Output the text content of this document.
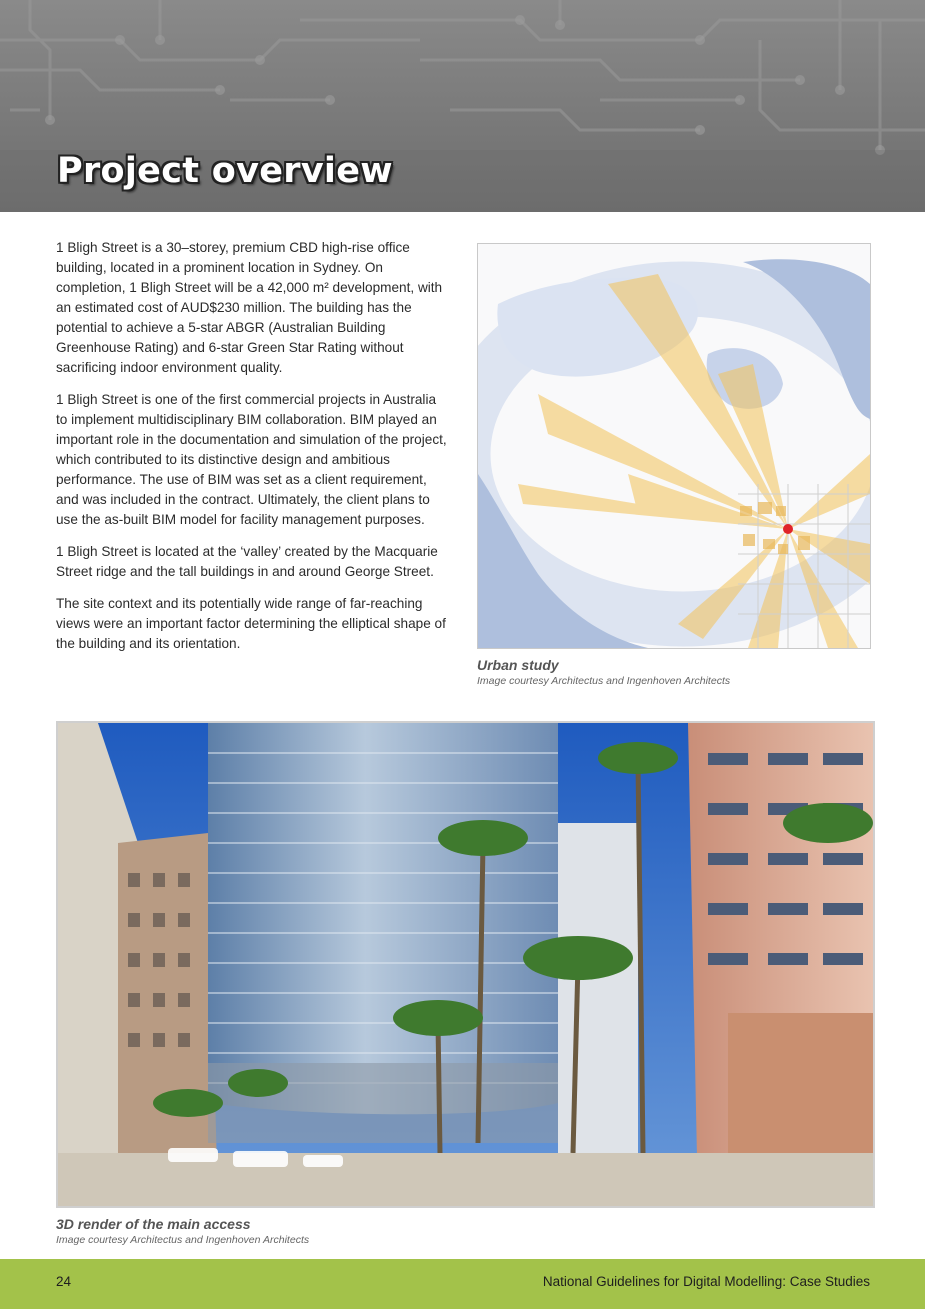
Project overview

1 Bligh Street is a 30–storey, premium CBD high-rise office building, located in a prominent location in Sydney. On completion, 1 Bligh Street will be a 42,000 m² development, with an estimated cost of AUD$230 million. The building has the potential to achieve a 5-star ABGR (Australian Building Greenhouse Rating) and 6-star Green Star Rating without sacrificing indoor environment quality.

1 Bligh Street is one of the first commercial projects in Australia to implement multidisciplinary BIM collaboration. BIM played an important role in the documentation and simulation of the project, which contributed to its distinctive design and ambitious performance. The use of BIM was set as a client requirement, and was included in the contract. Ultimately, the client plans to use the as-built BIM model for facility management purposes.

1 Bligh Street is located at the ‘valley’ created by the Macquarie Street ridge and the tall buildings in and around George Street.

The site context and its potentially wide range of far-reaching views were an important factor determining the elliptical shape of the building and its orientation.

Urban study
Image courtesy Architectus and Ingenhoven Architects
3D render of the main access
Image courtesy Architectus and Ingenhoven Architects
24	National Guidelines for Digital Modelling: Case Studies
